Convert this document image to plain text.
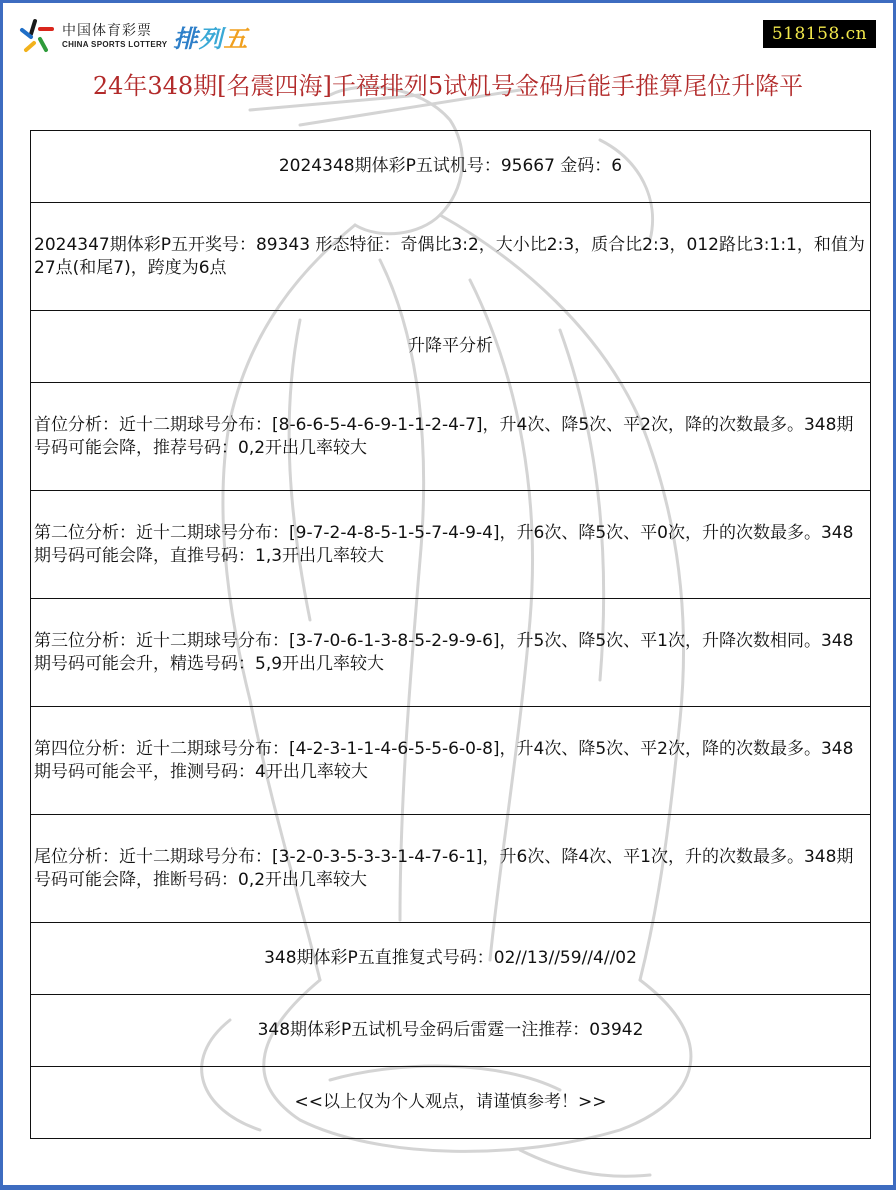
中国体育彩票
CHINA SPORTS LOTTERY 排列五	518158.cn
24年348期[名震四海]千禧排列5试机号金码后能手推算尾位升降平
2024348期体彩P五试机号：95667 金码：6
2024347期体彩P五开奖号：89343 形态特征：奇偶比3:2，大小比2:3，质合比2:3，012路比3:1:1，和值为27点(和尾7)，跨度为6点
升降平分析
首位分析：近十二期球号分布：[8-6-6-5-4-6-9-1-1-2-4-7]，升4次、降5次、平2次，降的次数最多。348期号码可能会降，推荐号码：0,2开出几率较大
第二位分析：近十二期球号分布：[9-7-2-4-8-5-1-5-7-4-9-4]，升6次、降5次、平0次，升的次数最多。348期号码可能会降，直推号码：1,3开出几率较大
第三位分析：近十二期球号分布：[3-7-0-6-1-3-8-5-2-9-9-6]，升5次、降5次、平1次，升降次数相同。348期号码可能会升，精选号码：5,9开出几率较大
第四位分析：近十二期球号分布：[4-2-3-1-1-4-6-5-5-6-0-8]，升4次、降5次、平2次，降的次数最多。348期号码可能会平，推测号码：4开出几率较大
尾位分析：近十二期球号分布：[3-2-0-3-5-3-3-1-4-7-6-1]，升6次、降4次、平1次，升的次数最多。348期号码可能会降，推断号码：0,2开出几率较大
348期体彩P五直推复式号码：02//13//59//4//02
348期体彩P五试机号金码后雷霆一注推荐：03942
<<以上仅为个人观点，请谨慎参考！>>
